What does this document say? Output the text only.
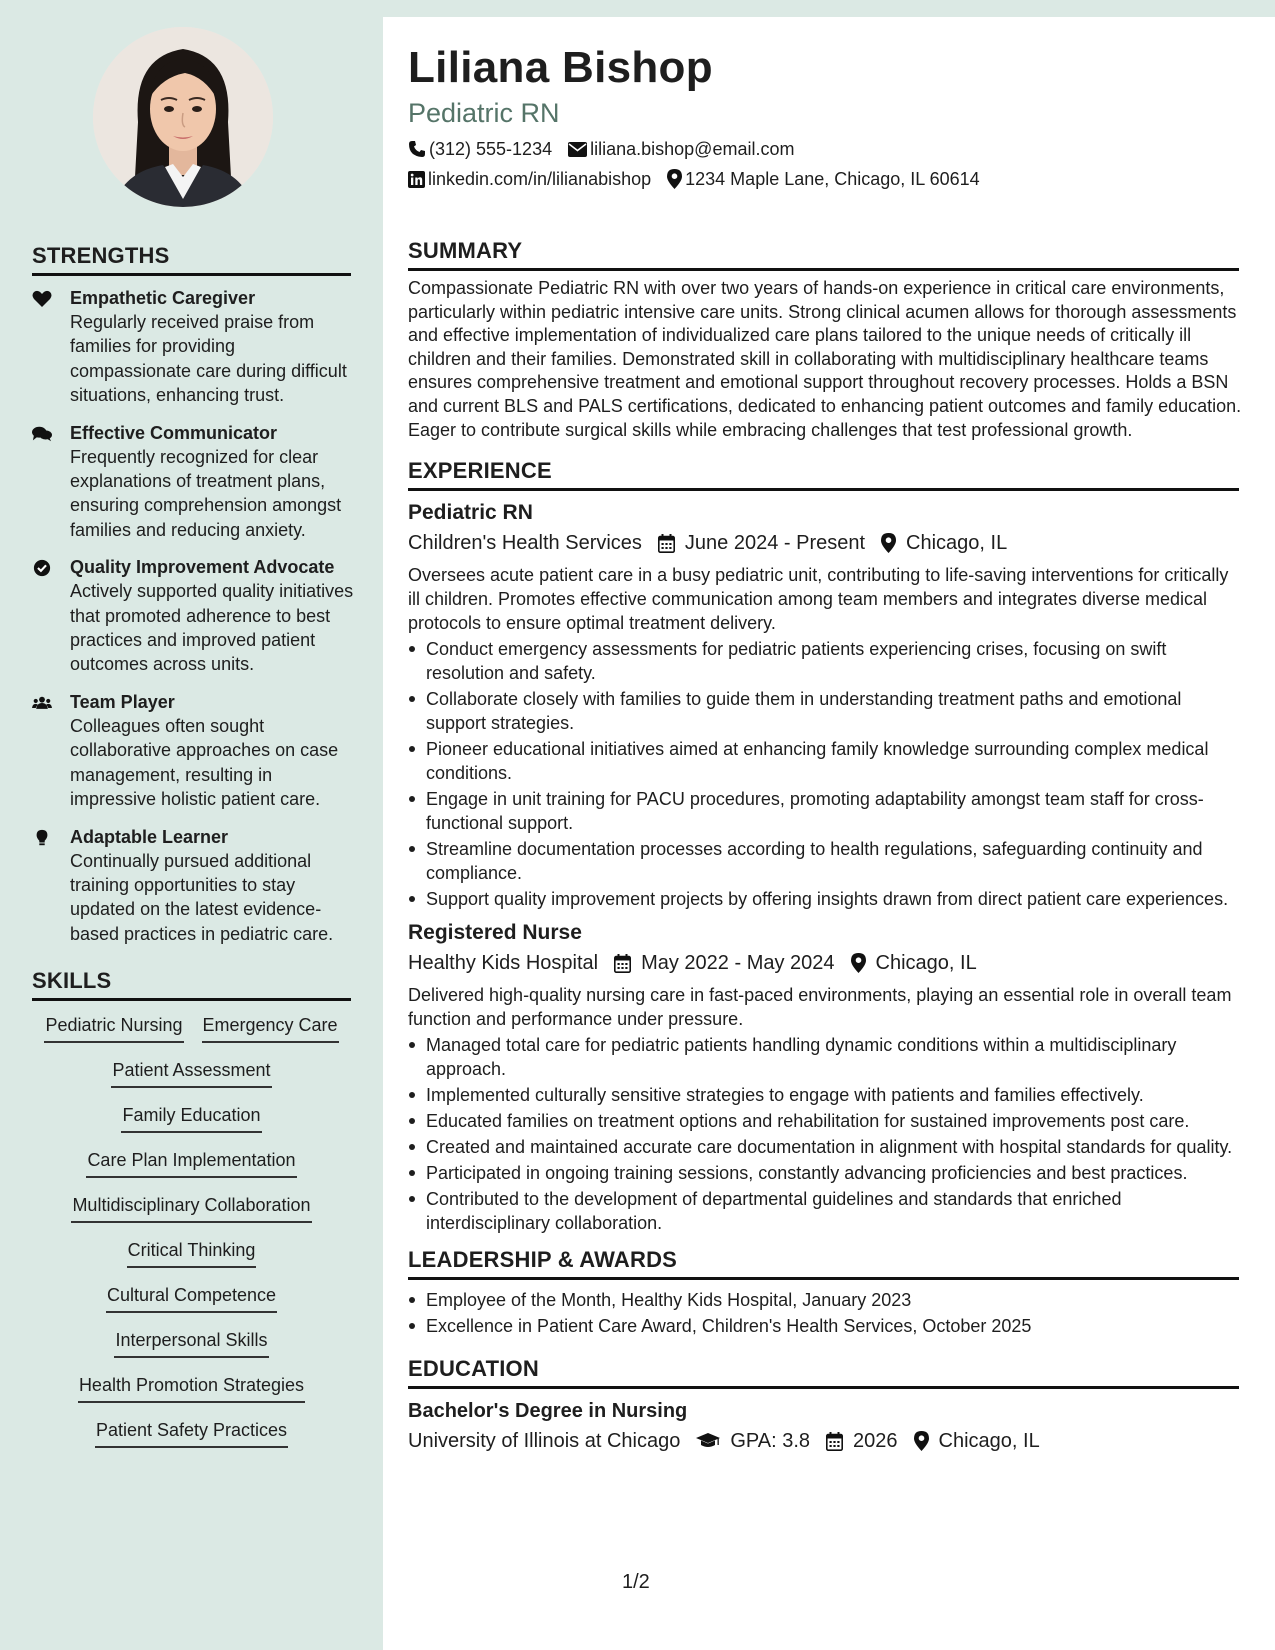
STRENGTHS
Empathetic Caregiver
Regularly received praise from families for providing compassionate care during difficult situations, enhancing trust.
Effective Communicator
Frequently recognized for clear explanations of treatment plans, ensuring comprehension amongst families and reducing anxiety.
Quality Improvement Advocate
Actively supported quality initiatives that promoted adherence to best practices and improved patient outcomes across units.
Team Player
Colleagues often sought collaborative approaches on case management, resulting in impressive holistic patient care.
Adaptable Learner
Continually pursued additional training opportunities to stay updated on the latest evidence-based practices in pediatric care.
SKILLS
Pediatric Nursing Emergency Care
Patient Assessment
Family Education
Care Plan Implementation
Multidisciplinary Collaboration
Critical Thinking
Cultural Competence
Interpersonal Skills
Health Promotion Strategies
Patient Safety Practices
Liliana Bishop
Pediatric RN
(312) 555-1234 liliana.bishop@email.com
linkedin.com/in/lilianabishop 1234 Maple Lane, Chicago, IL 60614
SUMMARY
Compassionate Pediatric RN with over two years of hands-on experience in critical care environments, particularly within pediatric intensive care units. Strong clinical acumen allows for thorough assessments and effective implementation of individualized care plans tailored to the unique needs of critically ill children and their families. Demonstrated skill in collaborating with multidisciplinary healthcare teams ensures comprehensive treatment and emotional support throughout recovery processes. Holds a BSN and current BLS and PALS certifications, dedicated to enhancing patient outcomes and family education. Eager to contribute surgical skills while embracing challenges that test professional growth.
EXPERIENCE
Pediatric RN
Children's Health Services June 2024 - Present Chicago, IL
Oversees acute patient care in a busy pediatric unit, contributing to life-saving interventions for critically ill children. Promotes effective communication among team members and integrates diverse medical protocols to ensure optimal treatment delivery.
Conduct emergency assessments for pediatric patients experiencing crises, focusing on swift resolution and safety.
Collaborate closely with families to guide them in understanding treatment paths and emotional support strategies.
Pioneer educational initiatives aimed at enhancing family knowledge surrounding complex medical conditions.
Engage in unit training for PACU procedures, promoting adaptability amongst team staff for cross-functional support.
Streamline documentation processes according to health regulations, safeguarding continuity and compliance.
Support quality improvement projects by offering insights drawn from direct patient care experiences.
Registered Nurse
Healthy Kids Hospital May 2022 - May 2024 Chicago, IL
Delivered high-quality nursing care in fast-paced environments, playing an essential role in overall team function and performance under pressure.
Managed total care for pediatric patients handling dynamic conditions within a multidisciplinary approach.
Implemented culturally sensitive strategies to engage with patients and families effectively.
Educated families on treatment options and rehabilitation for sustained improvements post care.
Created and maintained accurate care documentation in alignment with hospital standards for quality.
Participated in ongoing training sessions, constantly advancing proficiencies and best practices.
Contributed to the development of departmental guidelines and standards that enriched interdisciplinary collaboration.
LEADERSHIP & AWARDS
Employee of the Month, Healthy Kids Hospital, January 2023
Excellence in Patient Care Award, Children's Health Services, October 2025
EDUCATION
Bachelor's Degree in Nursing
University of Illinois at Chicago	GPA: 3.8 2026 Chicago, IL
1/2
